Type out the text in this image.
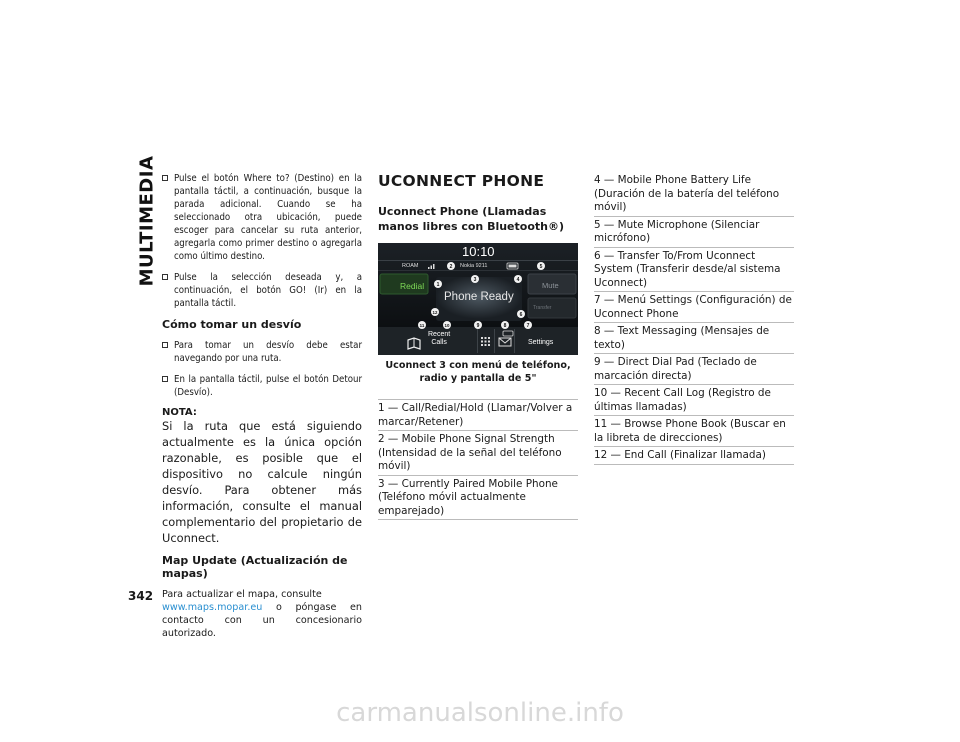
MULTIMEDIA
342
Pulse el botón Where to? (Destino) en la pantalla táctil, a continuación, busque la parada adicional. Cuando se ha seleccionado otra ubicación, puede escoger para cancelar su ruta anterior, agregarla como primer destino o agregarla como último destino.
Pulse la selección deseada y, a continuación, el botón GO! (Ir) en la pantalla táctil.
Cómo tomar un desvío
Para tomar un desvío debe estar navegando por una ruta.
En la pantalla táctil, pulse el botón Detour (Desvío).
NOTA:
Si la ruta que está siguiendo actualmente es la única opción razonable, es posible que el dispositivo no calcule ningún desvío. Para obtener más información, consulte el manual complementario del propietario de Uconnect.
Map Update (Actualización de mapas)
Para actualizar el mapa, consulte
www.maps.mopar.eu o póngase en contacto con un concesionario autorizado.
UCONNECT PHONE
Uconnect Phone (Llamadas manos libres con Bluetooth®)
1
2
3	4
5
6
7
8
9
10
11
12
10:10
ROAM	Nokia 9211
Redial
Phone Ready
Mute
Transfer
Recent
Calls	Settings
Uconnect 3 con menú de teléfono, radio y pantalla de 5"
1 — Call/Redial/Hold (Llamar/Volver a marcar/Retener)
2 — Mobile Phone Signal Strength (Intensidad de la señal del teléfono móvil)
3 — Currently Paired Mobile Phone (Teléfono móvil actualmente emparejado)
4 — Mobile Phone Battery Life (Duración de la batería del teléfono móvil)
5 — Mute Microphone (Silenciar micrófono)
6 — Transfer To/From Uconnect System (Transferir desde/al sistema Uconnect)
7 — Menú Settings (Configuración) de Uconnect Phone
8 — Text Messaging (Mensajes de texto)
9 — Direct Dial Pad (Teclado de marcación directa)
10 — Recent Call Log (Registro de últimas llamadas)
11 — Browse Phone Book (Buscar en la libreta de direcciones)
12 — End Call (Finalizar llamada)
carmanualsonline.info
